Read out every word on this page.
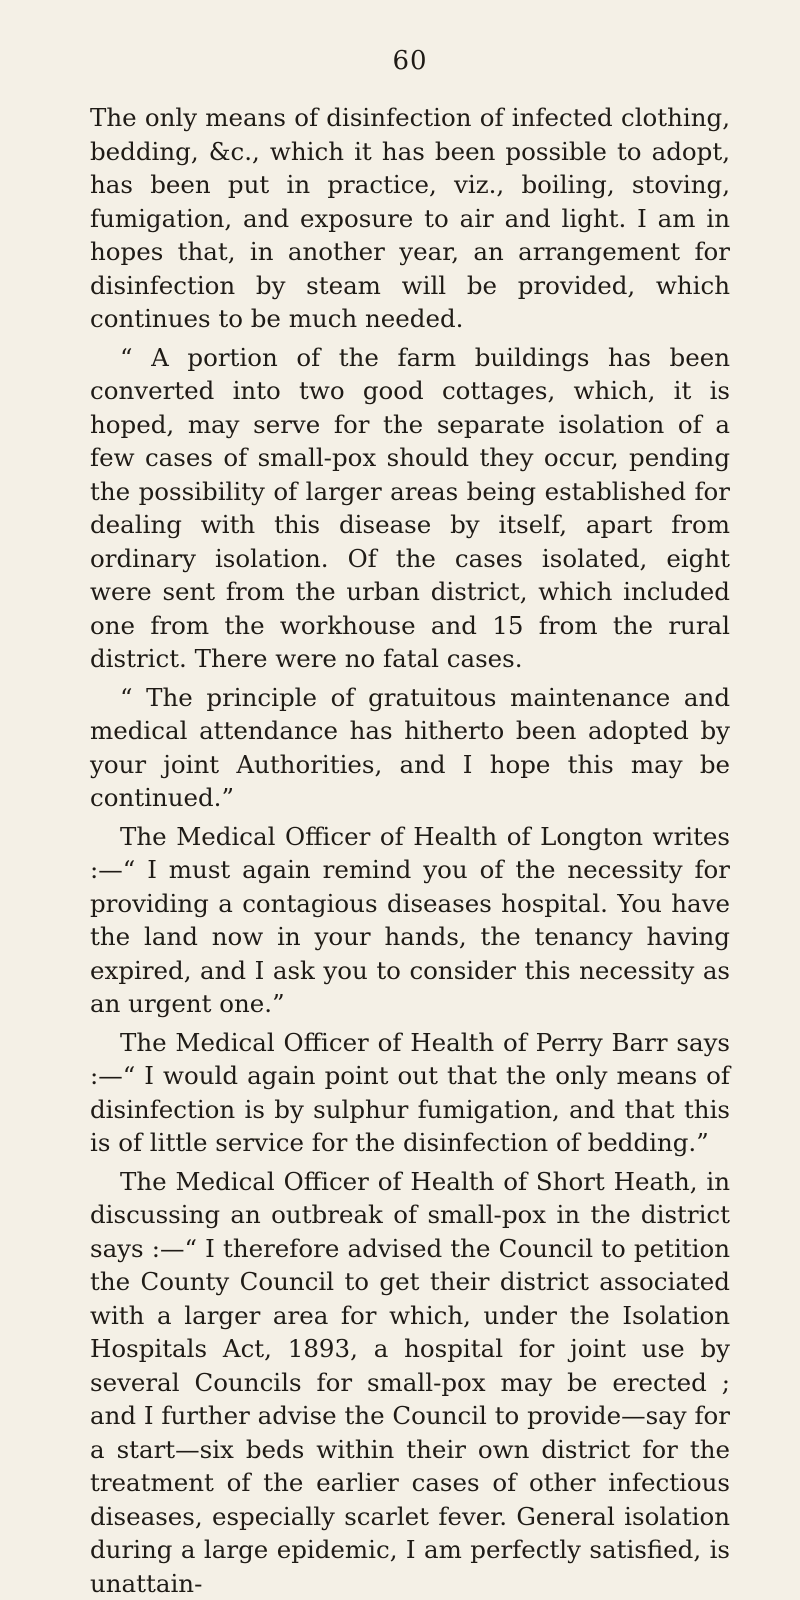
60

The only means of disinfection of infected clothing, bedding, &c., which it has been possible to adopt, has been put in practice, viz., boiling, stoving, fumigation, and exposure to air and light. I am in hopes that, in another year, an arrangement for disinfection by steam will be provided, which continues to be much needed.

“ A portion of the farm buildings has been converted into two good cottages, which, it is hoped, may serve for the separate isolation of a few cases of small-pox should they occur, pending the possibility of larger areas being established for dealing with this disease by itself, apart from ordinary isolation. Of the cases isolated, eight were sent from the urban district, which included one from the workhouse and 15 from the rural district. There were no fatal cases.

“ The principle of gratuitous maintenance and medical attendance has hitherto been adopted by your joint Authorities, and I hope this may be continued.”

The Medical Officer of Health of Longton writes :—“ I must again remind you of the necessity for providing a contagious diseases hospital. You have the land now in your hands, the tenancy having expired, and I ask you to consider this necessity as an urgent one.”

The Medical Officer of Health of Perry Barr says :—“ I would again point out that the only means of disinfection is by sulphur fumigation, and that this is of little service for the disinfection of bedding.”

The Medical Officer of Health of Short Heath, in discussing an outbreak of small-pox in the district says :—“ I therefore advised the Council to petition the County Council to get their district associated with a larger area for which, under the Isolation Hospitals Act, 1893, a hospital for joint use by several Councils for small-pox may be erected ; and I further advise the Council to provide—say for a start—six beds within their own district for the treatment of the earlier cases of other infectious diseases, especially scarlet fever. General isolation during a large epidemic, I am perfectly satisfied, is unattain-
